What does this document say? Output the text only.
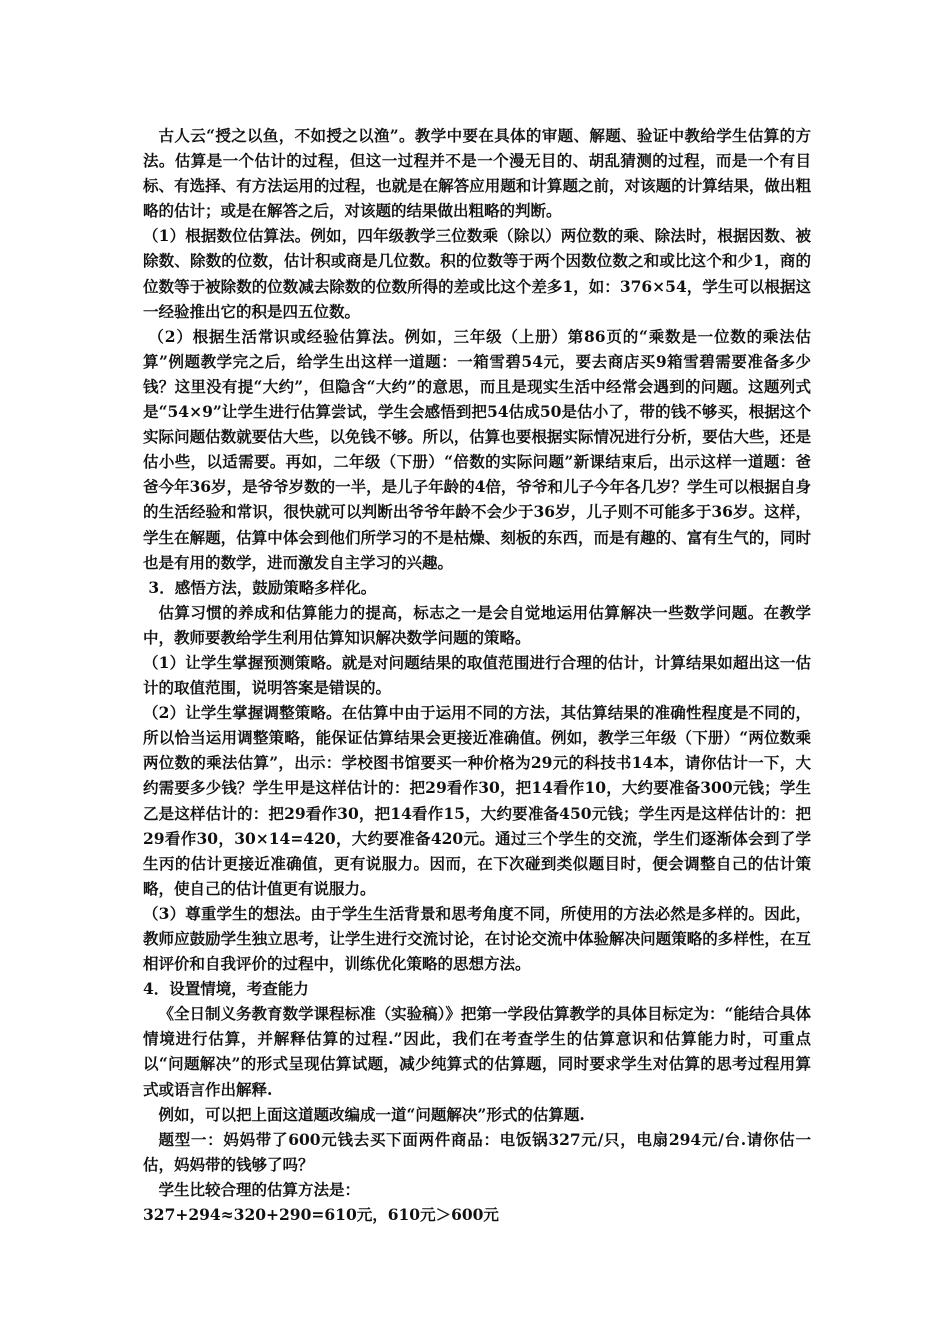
古人云“授之以鱼，不如授之以渔”。教学中要在具体的审题、解题、验证中教给学生估算的方法。估算是一个估计的过程，但这一过程并不是一个漫无目的、胡乱猜测的过程，而是一个有目标、有选择、有方法运用的过程，也就是在解答应用题和计算题之前，对该题的计算结果，做出粗略的估计；或是在解答之后，对该题的结果做出粗略的判断。

（1）根据数位估算法。例如，四年级教学三位数乘（除以）两位数的乘、除法时，根据因数、被除数、除数的位数，估计积或商是几位数。积的位数等于两个因数位数之和或比这个和少1，商的位数等于被除数的位数减去除数的位数所得的差或比这个差多1，如：376×54，学生可以根据这一经验推出它的积是四五位数。

（2）根据生活常识或经验估算法。例如，三年级（上册）第86页的“乘数是一位数的乘法估算”例题教学完之后，给学生出这样一道题：一箱雪碧54元，要去商店买9箱雪碧需要准备多少钱？这里没有提“大约”，但隐含“大约”的意思，而且是现实生活中经常会遇到的问题。这题列式是“54×9”让学生进行估算尝试，学生会感悟到把54估成50是估小了，带的钱不够买，根据这个实际问题估数就要估大些，以免钱不够。所以，估算也要根据实际情况进行分析，要估大些，还是估小些，以适需要。再如，二年级（下册）“倍数的实际问题”新课结束后，出示这样一道题：爸爸今年36岁，是爷爷岁数的一半，是儿子年龄的4倍，爷爷和儿子今年各几岁？学生可以根据自身的生活经验和常识，很快就可以判断出爷爷年龄不会少于36岁，儿子则不可能多于36岁。这样，学生在解题，估算中体会到他们所学习的不是枯燥、刻板的东西，而是有趣的、富有生气的，同时也是有用的数学，进而激发自主学习的兴趣。

3．感悟方法，鼓励策略多样化。

估算习惯的养成和估算能力的提高，标志之一是会自觉地运用估算解决一些数学问题。在教学中，教师要教给学生利用估算知识解决数学问题的策略。

（1）让学生掌握预测策略。就是对问题结果的取值范围进行合理的估计，计算结果如超出这一估计的取值范围，说明答案是错误的。

（2）让学生掌握调整策略。在估算中由于运用不同的方法，其估算结果的准确性程度是不同的，所以恰当运用调整策略，能保证估算结果会更接近准确值。例如，教学三年级（下册）“两位数乘两位数的乘法估算”，出示：学校图书馆要买一种价格为29元的科技书14本，请你估计一下，大约需要多少钱？学生甲是这样估计的：把29看作30，把14看作10，大约要准备300元钱；学生乙是这样估计的：把29看作30，把14看作15，大约要准备450元钱；学生丙是这样估计的：把29看作30，30×14=420，大约要准备420元。通过三个学生的交流，学生们逐渐体会到了学生丙的估计更接近准确值，更有说服力。因而，在下次碰到类似题目时，便会调整自己的估计策略，使自己的估计值更有说服力。

（3）尊重学生的想法。由于学生生活背景和思考角度不同，所使用的方法必然是多样的。因此，教师应鼓励学生独立思考，让学生进行交流讨论，在讨论交流中体验解决问题策略的多样性，在互相评价和自我评价的过程中，训练优化策略的思想方法。

4．设置情境，考查能力

《全日制义务教育数学课程标准（实验稿）》把第一学段估算教学的具体目标定为：“能结合具体情境进行估算，并解释估算的过程.”因此，我们在考查学生的估算意识和估算能力时，可重点以“问题解决”的形式呈现估算试题，减少纯算式的估算题，同时要求学生对估算的思考过程用算式或语言作出解释.

例如，可以把上面这道题改编成一道“问题解决”形式的估算题.

题型一：妈妈带了600元钱去买下面两件商品：电饭锅327元/只，电扇294元/台.请你估一估，妈妈带的钱够了吗？

学生比较合理的估算方法是：

327+294≈320+290=610元，610元＞600元
